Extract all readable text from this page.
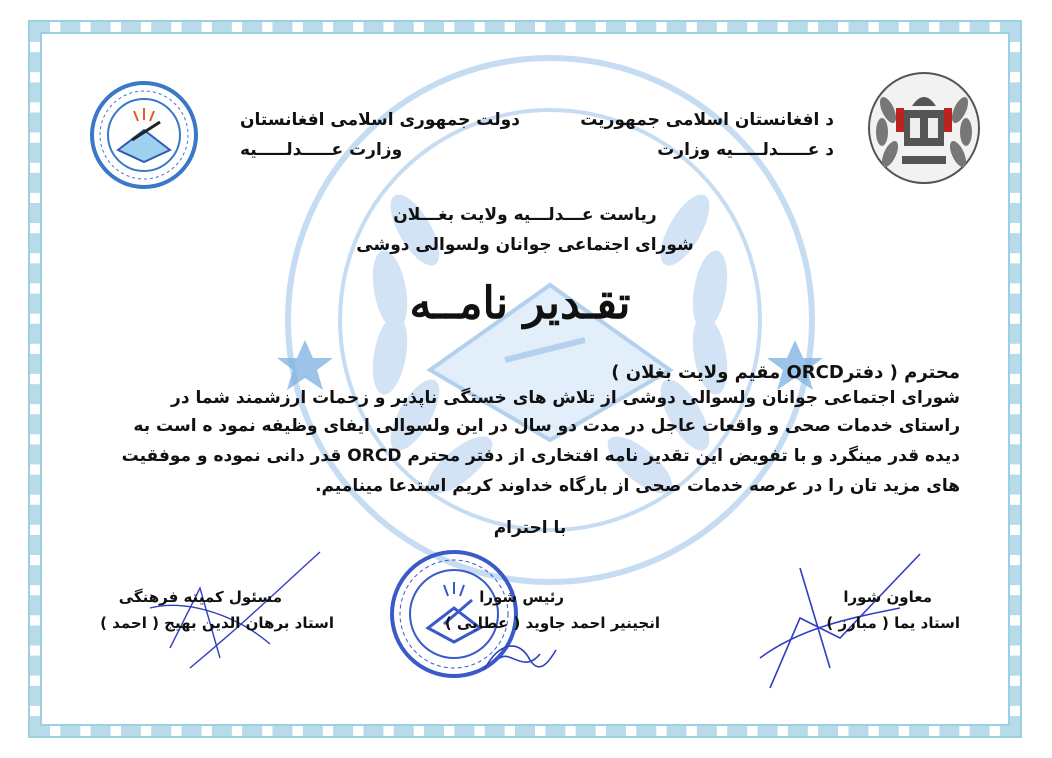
د افغانستان اسلامی جمهوریت
د عـــــدلـــــیه وزارت
دولت جمهوری اسلامی افغانستان
وزارت عـــــدلـــــیه
ریاست عـــدلـــیه ولایت بغـــلان
شورای اجتماعی جوانان ولسوالی دوشی
تقـدیر نامــه
محترم ( دفترORCD مقیم ولایت بغلان )
شورای اجتماعی جوانان ولسوالی دوشی از تلاش های خستگی ناپذیر و زحمات ارزشمند شما در
راستای خدمات صحی و واقعات عاجل در مدت دو سال در این ولسوالی ایفای وظیفه نمود ه است به
دیده قدر مینگرد و با تفویض این تقدیر نامه افتخاری از دفتر محترم ORCD قدر دانی نموده و موفقیت
های مزید تان را در عرصه خدمات صحی از بارگاه خداوند کریم استدعا مینامیم.
با احترام
معاون شورا
استاد یما ( مبارز )
رئیس شورا
انجینیر احمد جاوید ( عطایی )
مسئول کمیته فرهنگی
استاد برهان الدین بهیج ( احمد )
